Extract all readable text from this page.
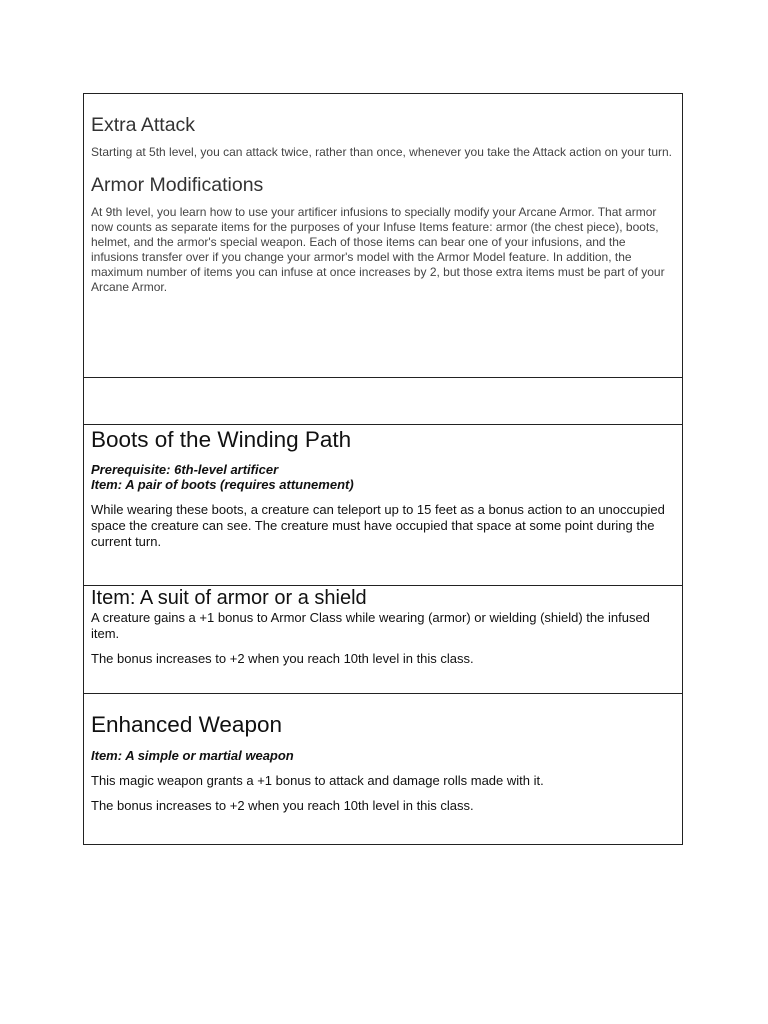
Extra Attack

Starting at 5th level, you can attack twice, rather than once, whenever you take the Attack action on your turn.

Armor Modifications

At 9th level, you learn how to use your artificer infusions to specially modify your Arcane Armor. That armor now counts as separate items for the purposes of your Infuse Items feature: armor (the chest piece), boots, helmet, and the armor's special weapon. Each of those items can bear one of your infusions, and the infusions transfer over if you change your armor's model with the Armor Model feature. In addition, the maximum number of items you can infuse at once increases by 2, but those extra items must be part of your Arcane Armor.

Boots of the Winding Path

Prerequisite: 6th-level artificer

Item: A pair of boots (requires attunement)

While wearing these boots, a creature can teleport up to 15 feet as a bonus action to an unoccupied space the creature can see. The creature must have occupied that space at some point during the current turn.

Item: A suit of armor or a shield

A creature gains a +1 bonus to Armor Class while wearing (armor) or wielding (shield) the infused item.

The bonus increases to +2 when you reach 10th level in this class.

Enhanced Weapon

Item: A simple or martial weapon

This magic weapon grants a +1 bonus to attack and damage rolls made with it.

The bonus increases to +2 when you reach 10th level in this class.
